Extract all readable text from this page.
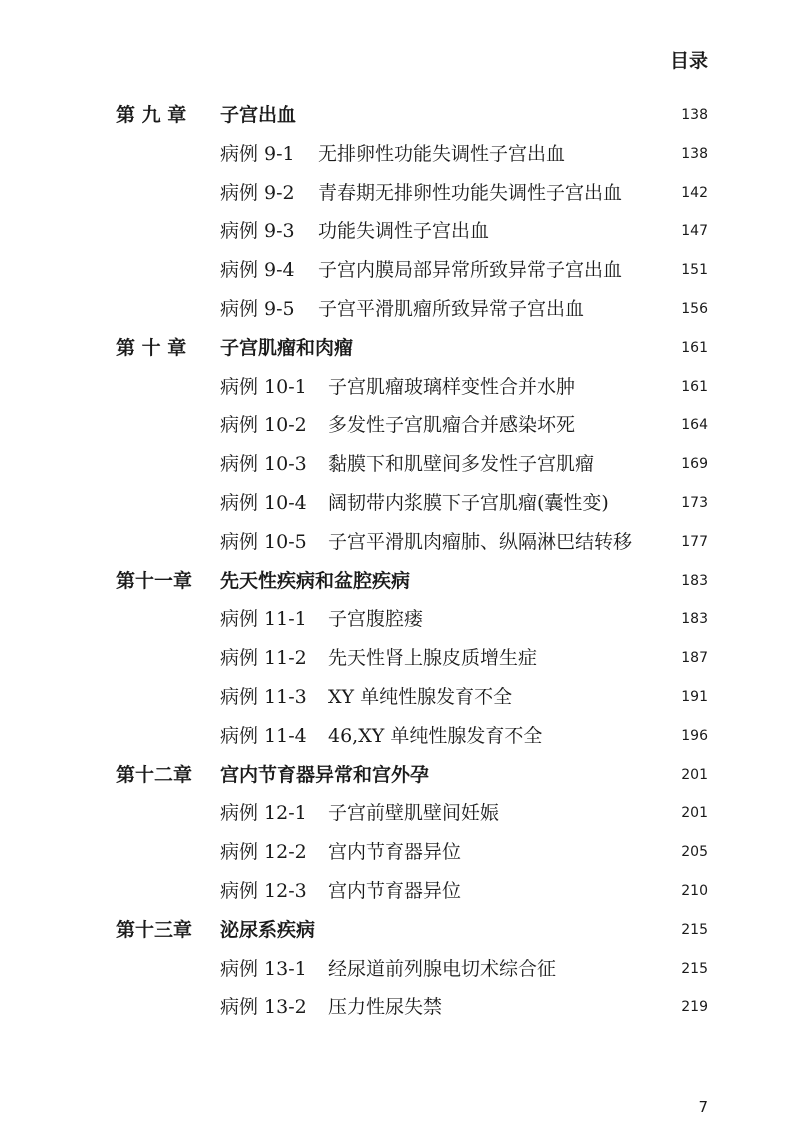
目录
第 九 章 子宫出血	138
病例 9-1 无排卵性功能失调性子宫出血	138
病例 9-2 青春期无排卵性功能失调性子宫出血	142
病例 9-3 功能失调性子宫出血	147
病例 9-4 子宫内膜局部异常所致异常子宫出血	151
病例 9-5 子宫平滑肌瘤所致异常子宫出血	156
第 十 章 子宫肌瘤和肉瘤	161
病例 10-1 子宫肌瘤玻璃样变性合并水肿	161
病例 10-2 多发性子宫肌瘤合并感染坏死	164
病例 10-3 黏膜下和肌壁间多发性子宫肌瘤	169
病例 10-4 阔韧带内浆膜下子宫肌瘤(囊性变)	173
病例 10-5 子宫平滑肌肉瘤肺、纵隔淋巴结转移	177
第十一章 先天性疾病和盆腔疾病	183
病例 11-1 子宫腹腔瘘	183
病例 11-2 先天性肾上腺皮质增生症	187
病例 11-3 XY 单纯性腺发育不全	191
病例 11-4 46,XY 单纯性腺发育不全	196
第十二章 宫内节育器异常和宫外孕	201
病例 12-1 子宫前壁肌壁间妊娠	201
病例 12-2 宫内节育器异位	205
病例 12-3 宫内节育器异位	210
第十三章 泌尿系疾病	215
病例 13-1 经尿道前列腺电切术综合征	215
病例 13-2 压力性尿失禁	219
7
